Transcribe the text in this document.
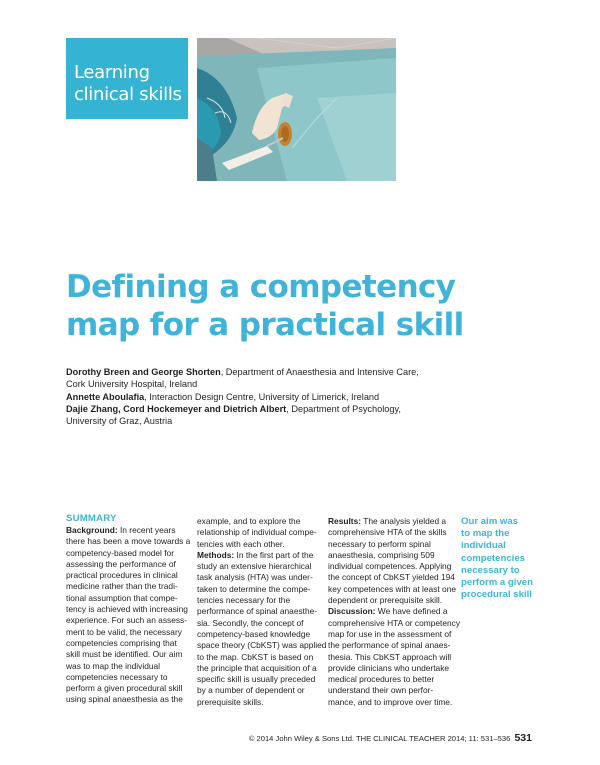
Learning
clinical skills
Defining a competency
map for a practical skill
Dorothy Breen and George Shorten, Department of Anaesthesia and Intensive Care,
Cork University Hospital, Ireland
Annette Aboulafia, Interaction Design Centre, University of Limerick, Ireland
Dajie Zhang, Cord Hockemeyer and Dietrich Albert, Department of Psychology,
University of Graz, Austria
SUMMARY
Background: In recent years
there has been a move towards a
competency-based model for
assessing the performance of
practical procedures in clinical
medicine rather than the tradi-
tional assumption that compe-
tency is achieved with increasing
experience. For such an assess-
ment to be valid, the necessary
competencies comprising that
skill must be identified. Our aim
was to map the individual
competencies necessary to
perform a given procedural skill
using spinal anaesthesia as the
example, and to explore the
relationship of individual compe-
tencies with each other.
Methods: In the first part of the
study an extensive hierarchical
task analysis (HTA) was under-
taken to determine the compe-
tencies necessary for the
performance of spinal anaesthe-
sia. Secondly, the concept of
competency-based knowledge
space theory (CbKST) was applied
to the map. CbKST is based on
the principle that acquisition of a
specific skill is usually preceded
by a number of dependent or
prerequisite skills.
Results: The analysis yielded a
comprehensive HTA of the skills
necessary to perform spinal
anaesthesia, comprising 509
individual competences. Applying
the concept of CbKST yielded 194
key competences with at least one
dependent or prerequisite skill.
Discussion: We have defined a
comprehensive HTA or competency
map for use in the assessment of
the performance of spinal anaes-
thesia. This CbKST approach will
provide clinicians who undertake
medical procedures to better
understand their own perfor-
mance, and to improve over time.
Our aim was
to map the
individual
competencies
necessary to
perform a given
procedural skill
© 2014 John Wiley & Sons Ltd. THE CLINICAL TEACHER 2014; 11: 531–536 531
